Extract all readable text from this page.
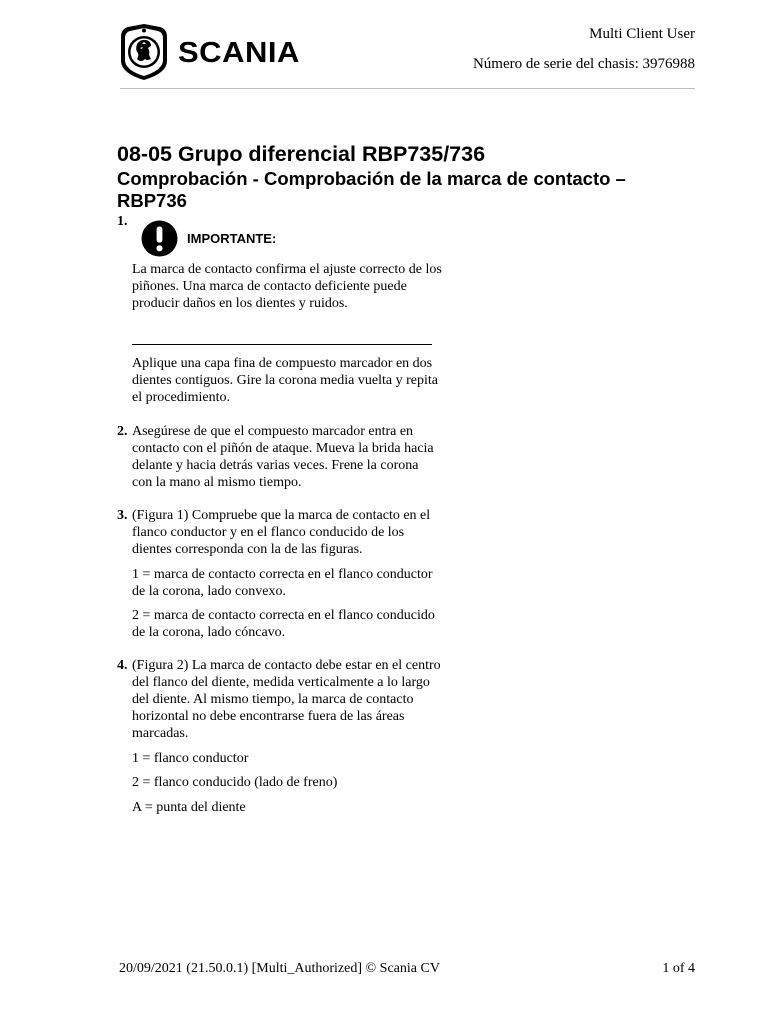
SCANIA
Multi Client User
Número de serie del chasis: 3976988
08-05 Grupo diferencial RBP735/736
Comprobación - Comprobación de la marca de contacto – RBP736
1.
IMPORTANTE:
La marca de contacto confirma el ajuste correcto de los piñones. Una marca de contacto deficiente puede producir daños en los dientes y ruidos.
Aplique una capa fina de compuesto marcador en dos dientes contiguos. Gire la corona media vuelta y repita el procedimiento.
2. Asegúrese de que el compuesto marcador entra en contacto con el piñón de ataque. Mueva la brida hacia delante y hacia detrás varias veces. Frene la corona con la mano al mismo tiempo.
3. (Figura 1) Compruebe que la marca de contacto en el flanco conductor y en el flanco conducido de los dientes corresponda con la de las figuras.
1 = marca de contacto correcta en el flanco conductor de la corona, lado convexo.
2 = marca de contacto correcta en el flanco conducido de la corona, lado cóncavo.
4. (Figura 2) La marca de contacto debe estar en el centro del flanco del diente, medida verticalmente a lo largo del diente. Al mismo tiempo, la marca de contacto horizontal no debe encontrarse fuera de las áreas marcadas.
1 = flanco conductor
2 = flanco conducido (lado de freno)
A = punta del diente
20/09/2021 (21.50.0.1) [Multi_Authorized] © Scania CV	1 of 4
